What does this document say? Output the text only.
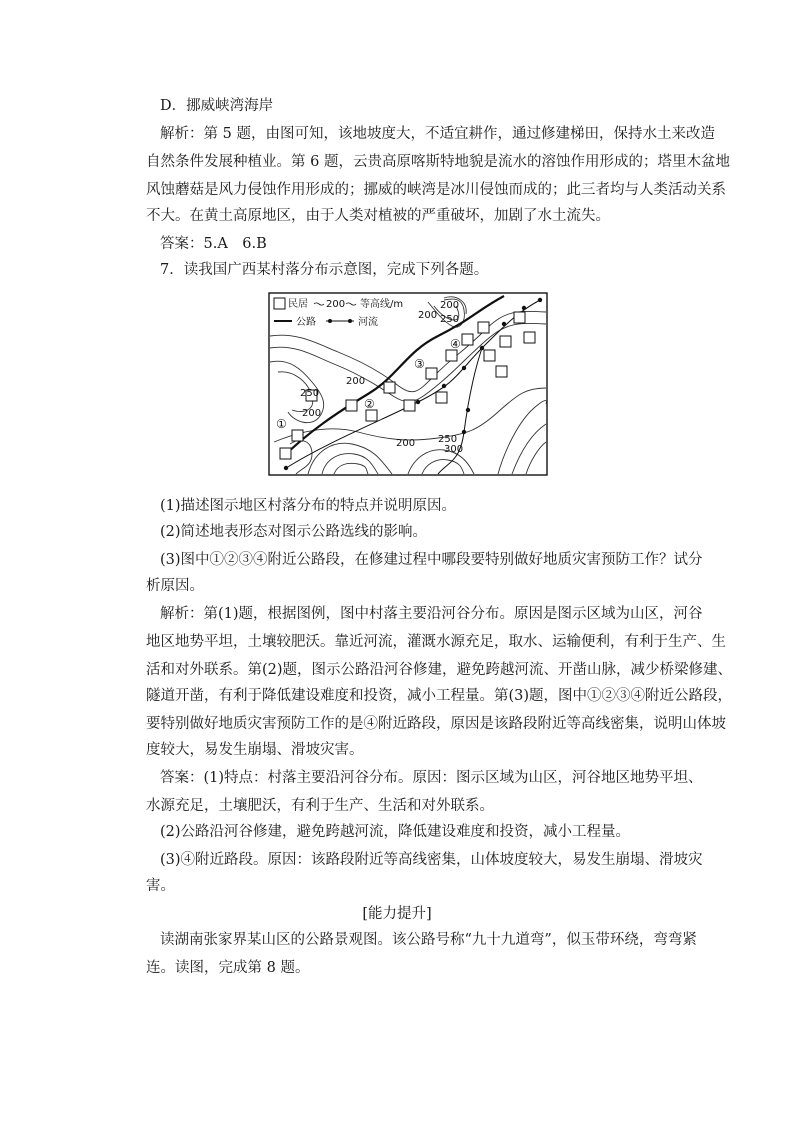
D．挪威峡湾海岸
解析：第 5 题，由图可知，该地坡度大，不适宜耕作，通过修建梯田，保持水土来改造
自然条件发展种植业。第 6 题，云贵高原喀斯特地貌是流水的溶蚀作用形成的；塔里木盆地
风蚀蘑菇是风力侵蚀作用形成的；挪威的峡湾是冰川侵蚀而成的；此三者均与人类活动关系
不大。在黄土高原地区，由于人类对植被的严重破坏，加剧了水土流失。
答案：5.A　6.B
7．读我国广西某村落分布示意图，完成下列各题。
民居 200 等高线/m
公路	河流
200
200 250
250
200
200
200 250
300
①
②
③
④
(1)描述图示地区村落分布的特点并说明原因。
(2)简述地表形态对图示公路选线的影响。
(3)图中①②③④附近公路段，在修建过程中哪段要特别做好地质灾害预防工作？试分
析原因。
解析：第(1)题，根据图例，图中村落主要沿河谷分布。原因是图示区域为山区，河谷
地区地势平坦，土壤较肥沃。靠近河流，灌溉水源充足，取水、运输便利，有利于生产、生
活和对外联系。第(2)题，图示公路沿河谷修建，避免跨越河流、开凿山脉，减少桥梁修建、
隧道开凿，有利于降低建设难度和投资，减小工程量。第(3)题，图中①②③④附近公路段，
要特别做好地质灾害预防工作的是④附近路段，原因是该路段附近等高线密集，说明山体坡
度较大，易发生崩塌、滑坡灾害。
答案：(1)特点：村落主要沿河谷分布。原因：图示区域为山区，河谷地区地势平坦、
水源充足，土壤肥沃，有利于生产、生活和对外联系。
(2)公路沿河谷修建，避免跨越河流，降低建设难度和投资，减小工程量。
(3)④附近路段。原因：该路段附近等高线密集，山体坡度较大，易发生崩塌、滑坡灾
害。
[能力提升]
读湖南张家界某山区的公路景观图。该公路号称“九十九道弯”，似玉带环绕，弯弯紧
连。读图，完成第 8 题。
